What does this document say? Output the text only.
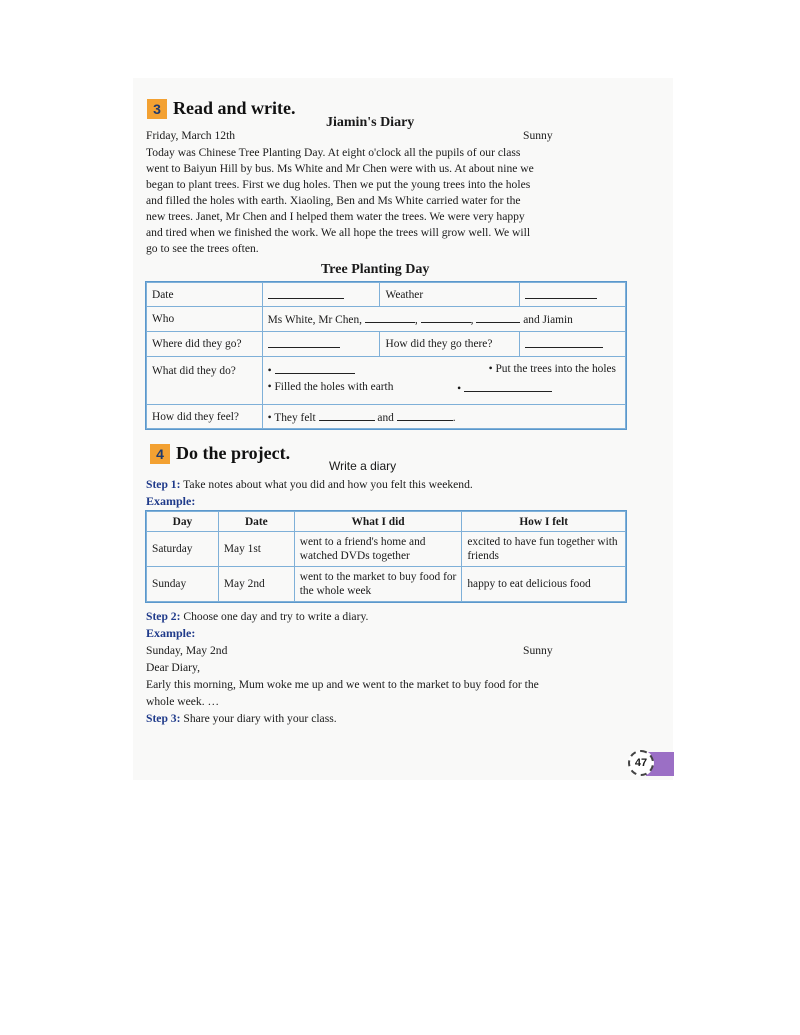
3 Read and write.
Jiamin's Diary
Friday, March 12th	Sunny
Today was Chinese Tree Planting Day. At eight o'clock all the pupils of our class
went to Baiyun Hill by bus. Ms White and Mr Chen were with us. At about nine we
began to plant trees. First we dug holes. Then we put the young trees into the holes
and filled the holes with earth. Xiaoling, Ben and Ms White carried water for the
new trees. Janet, Mr Chen and I helped them water the trees. We were very happy
and tired when we finished the work. We all hope the trees will grow well. We will
go to see the trees often.
Tree Planting Day
Date		Weather	
Who	Ms White, Mr Chen, , , and Jiamin		
Where did they go?		How did they go there?	
What did they do?	• • Put the trees into the holes
• Filled the holes with earth •		

How did they feel?	• They felt and .		
4 Do the project.
Write a diary
Step 1: Take notes about what you did and how you felt this weekend.
Example:
Day	Date	What I did	How I felt
Saturday	May 1st	went to a friend's home and watched DVDs together	excited to have fun together with friends
Sunday	May 2nd	went to the market to buy food for the whole week	happy to eat delicious food
Step 2: Choose one day and try to write a diary.
Example:
Sunday, May 2nd	Sunny
Dear Diary,
Early this morning, Mum woke me up and we went to the market to buy food for the
whole week. …
Step 3: Share your diary with your class.
47
